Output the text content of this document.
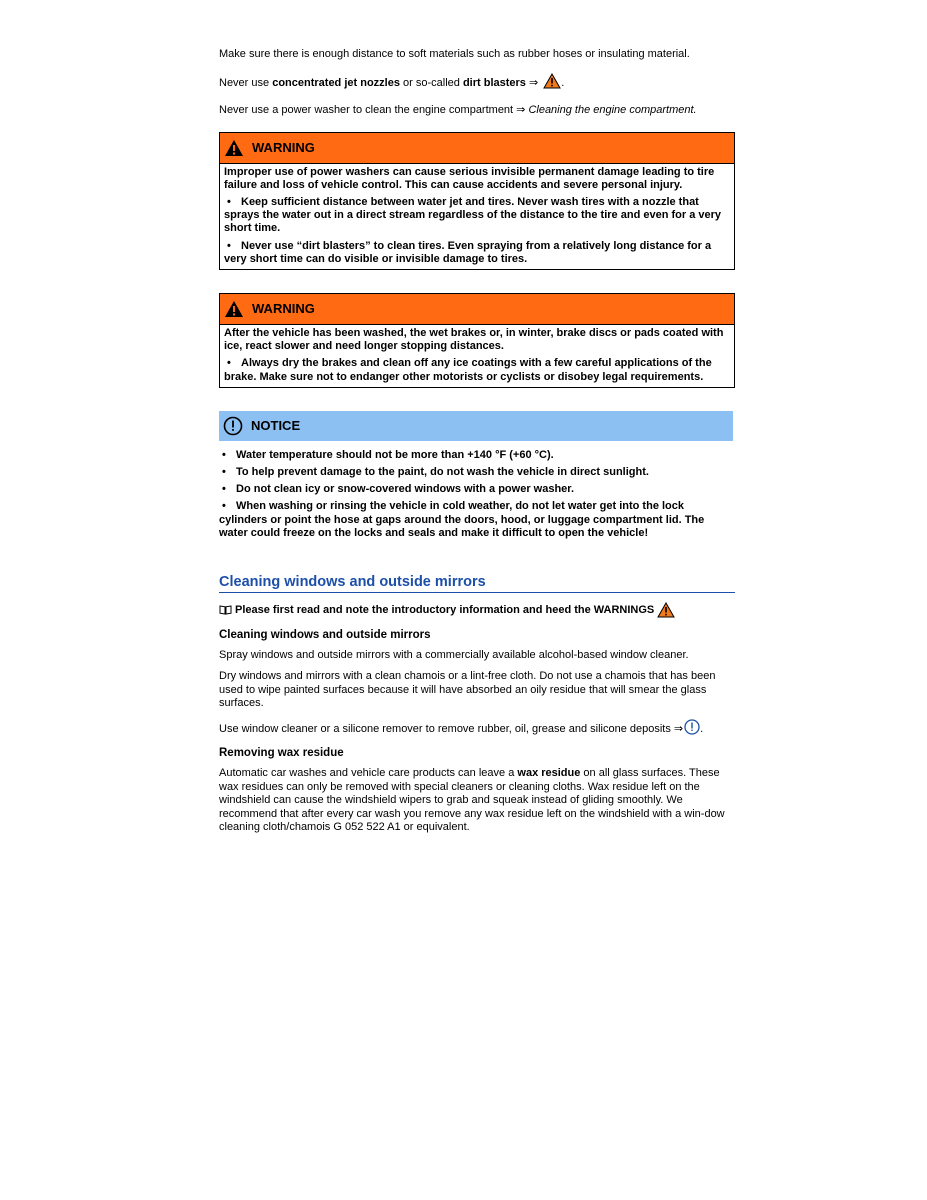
Make sure there is enough distance to soft materials such as rubber hoses or insulating material.

Never use concentrated jet nozzles or so-called dirt blasters ⇒ .

Never use a power washer to clean the engine compartment ⇒ Cleaning the engine compartment.

WARNING

Improper use of power washers can cause serious invisible permanent damage leading to tire failure and loss of vehicle control. This can cause accidents and severe personal injury.

• Keep sufficient distance between water jet and tires. Never wash tires with a nozzle that sprays the water out in a direct stream regardless of the distance to the tire and even for a very short time.

• Never use “dirt blasters” to clean tires. Even spraying from a relatively long distance for a very short time can do visible or invisible damage to tires.

WARNING

After the vehicle has been washed, the wet brakes or, in winter, brake discs or pads coated with ice, react slower and need longer stopping distances.

• Always dry the brakes and clean off any ice coatings with a few careful applications of the brake. Make sure not to endanger other motorists or cyclists or disobey legal requirements.

NOTICE

• Water temperature should not be more than +140 °F (+60 °C).

• To help prevent damage to the paint, do not wash the vehicle in direct sunlight.

• Do not clean icy or snow-covered windows with a power washer.

• When washing or rinsing the vehicle in cold weather, do not let water get into the lock cylinders or point the hose at gaps around the doors, hood, or luggage compartment lid. The water could freeze on the locks and seals and make it difficult to open the vehicle!

Cleaning windows and outside mirrors
Please first read and note the introductory information and heed the WARNINGS
Cleaning windows and outside mirrors

Spray windows and outside mirrors with a commercially available alcohol-based window cleaner.

Dry windows and mirrors with a clean chamois or a lint-free cloth. Do not use a chamois that has been used to wipe painted surfaces because it will have absorbed an oily residue that will smear the glass surfaces.

Use window cleaner or a silicone remover to remove rubber, oil, grease and silicone deposits ⇒ .

Removing wax residue

Automatic car washes and vehicle care products can leave a wax residue on all glass surfaces. These wax residues can only be removed with special cleaners or cleaning cloths. Wax residue left on the windshield can cause the windshield wipers to grab and squeak instead of gliding smoothly. We recommend that after every car wash you remove any wax residue left on the windshield with a win-dow cleaning cloth/chamois G 052 522 A1 or equivalent.
